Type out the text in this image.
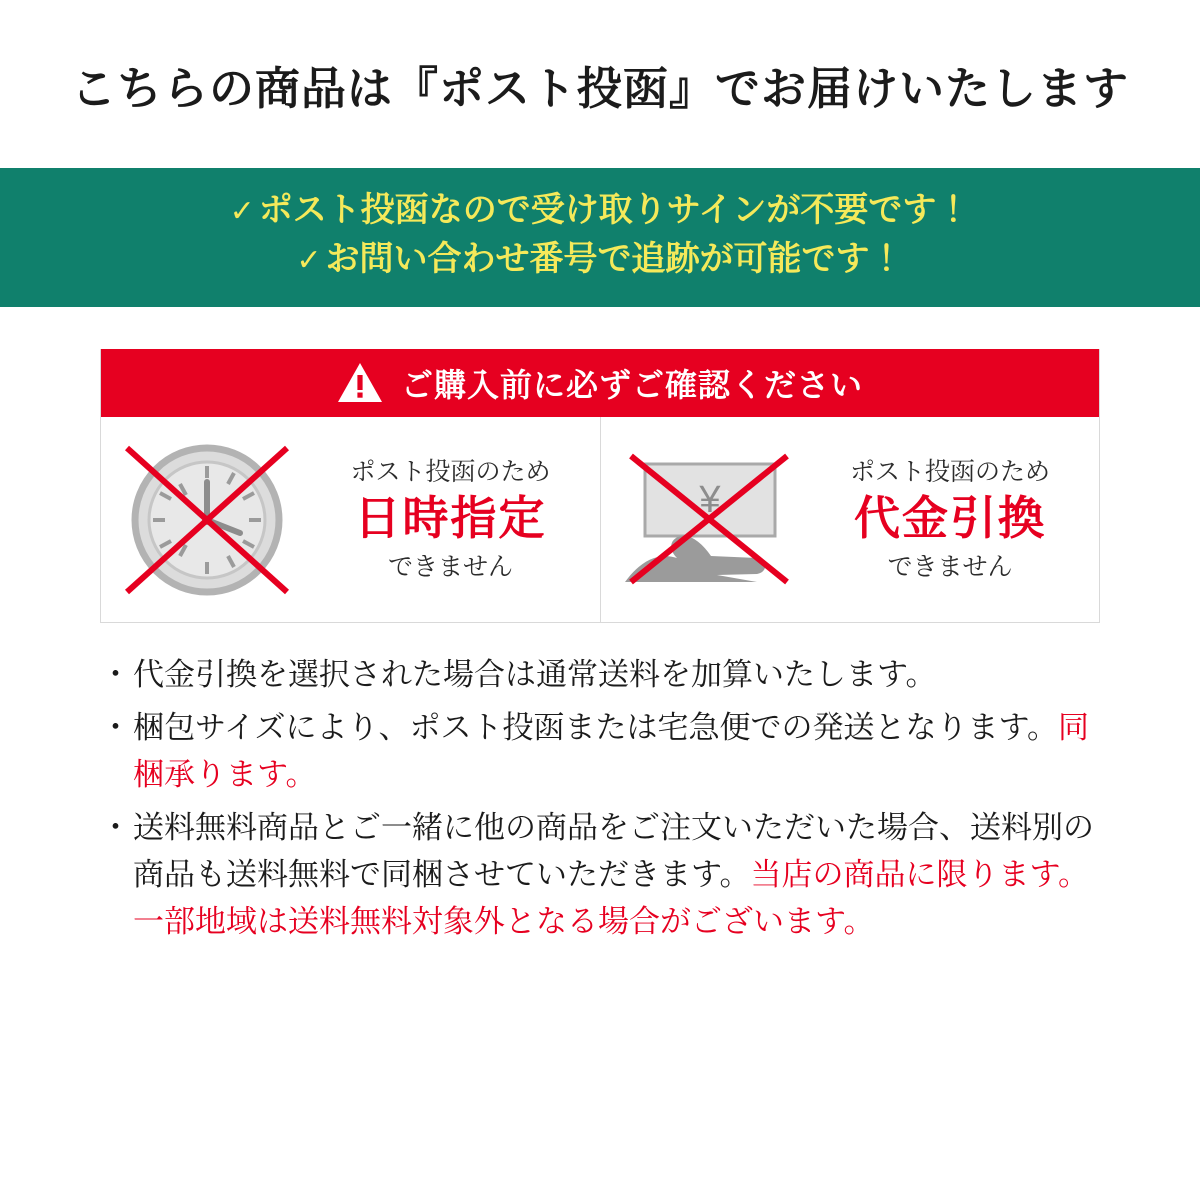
こちらの商品は『ポスト投函』でお届けいたします
✓ ポスト投函なので受け取りサインが不要です！
✓ お問い合わせ番号で追跡が可能です！
ご購入前に必ずご確認ください
ポスト投函のため
日時指定
できません
¥
ポスト投函のため
代金引換
できません
・ 代金引換を選択された場合は通常送料を加算いたします。
・ 梱包サイズにより、ポスト投函または宅急便での発送となります。同梱承ります。
・ 送料無料商品とご一緒に他の商品をご注文いただいた場合、送料別の商品も送料無料で同梱させていただきます。当店の商品に限ります。一部地域は送料無料対象外となる場合がございます。
